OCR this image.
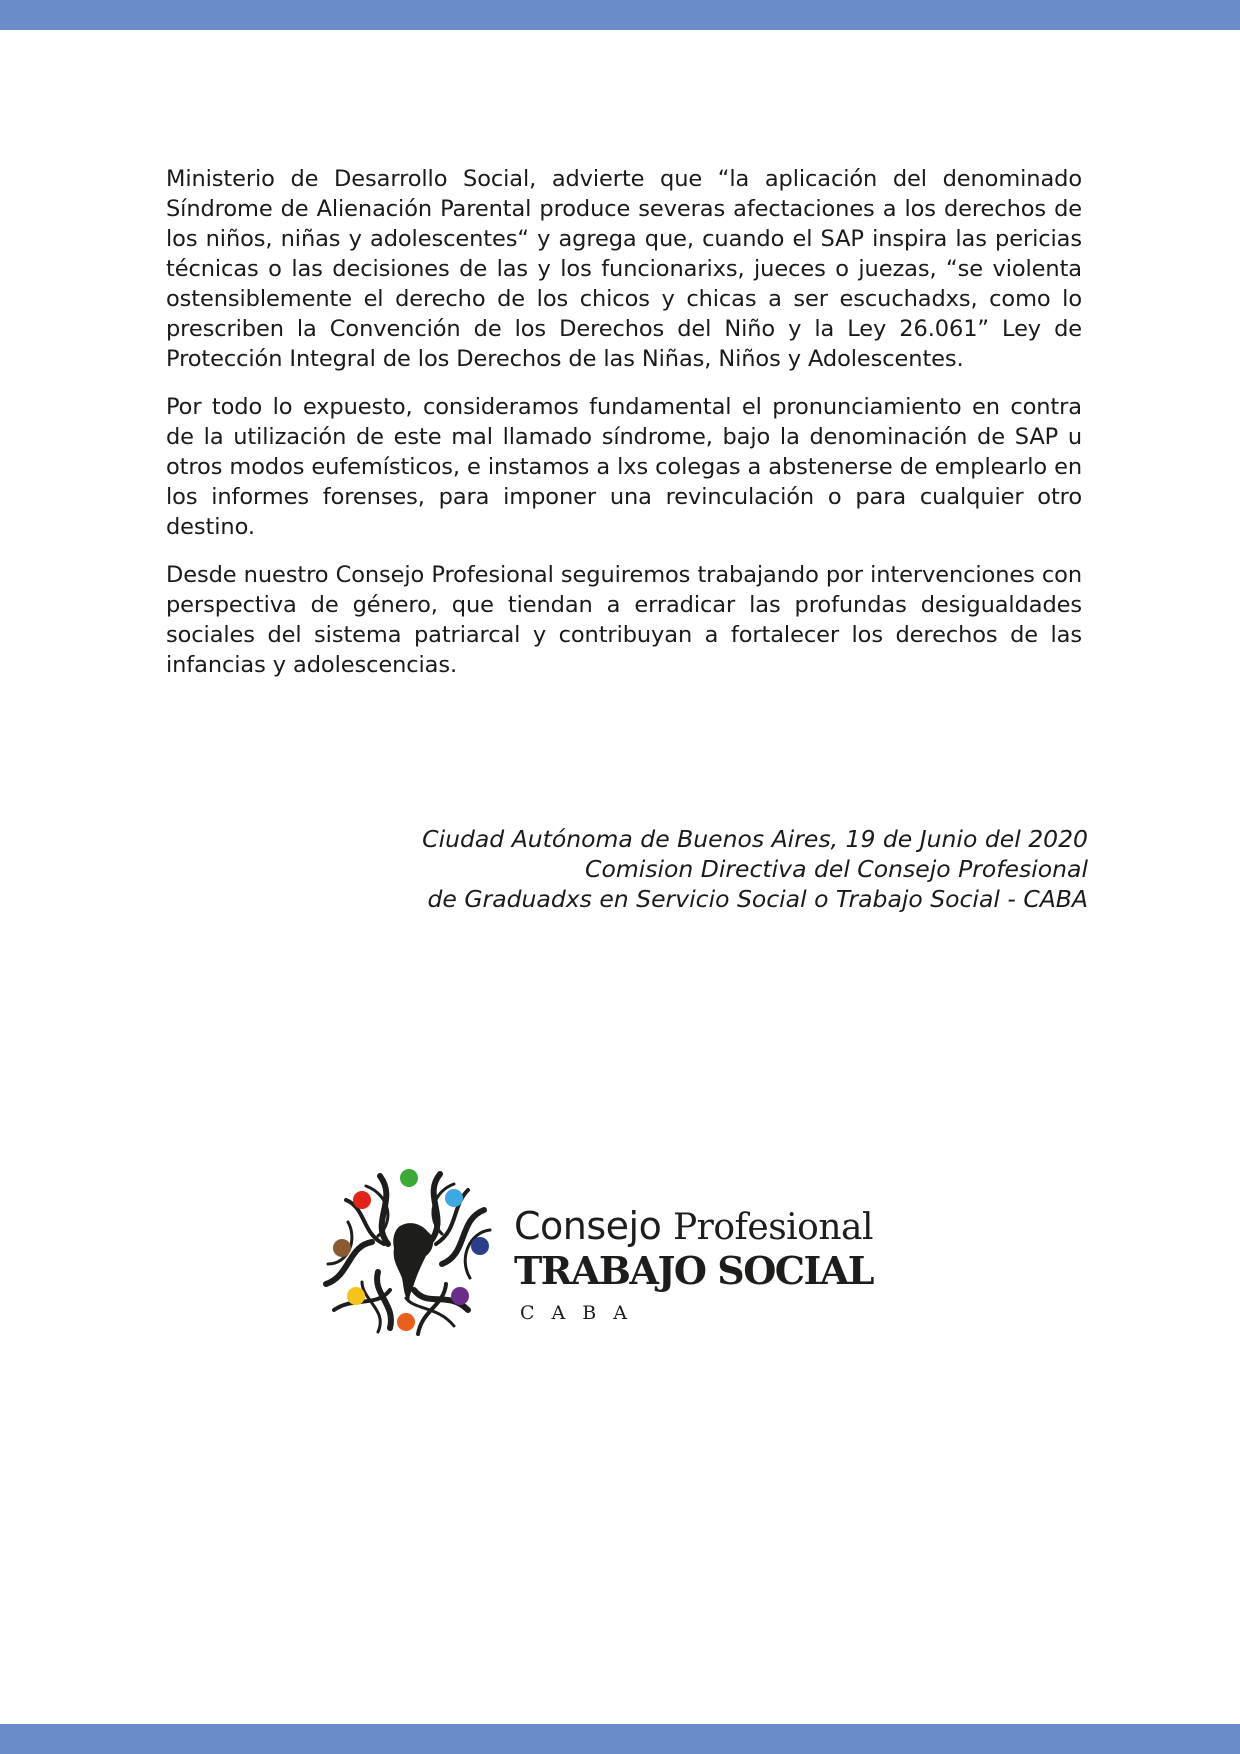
Ministerio de Desarrollo Social, advierte que “la aplicación del denominado Síndrome de Alienación Parental produce severas afectaciones a los derechos de los niños, niñas y adolescentes“ y agrega que, cuando el SAP inspira las pericias técnicas o las decisiones de las y los funcionarixs, jueces o juezas, “se violenta ostensiblemente el derecho de los chicos y chicas a ser escuchadxs, como lo prescriben la Convención de los Derechos del Niño y la Ley 26.061” Ley de Protección Integral de los Derechos de las Niñas, Niños y Adolescentes.

Por todo lo expuesto, consideramos fundamental el pronunciamiento en contra de la utilización de este mal llamado síndrome, bajo la denominación de SAP u otros modos eufemísticos, e instamos a lxs colegas a abstenerse de emplearlo en los informes forenses, para imponer una revinculación o para cualquier otro destino.

Desde nuestro Consejo Profesional seguiremos trabajando por intervenciones con perspectiva de género, que tiendan a erradicar las profundas desigualdades sociales del sistema patriarcal y contribuyan a fortalecer los derechos de las infancias y adolescencias.

Ciudad Autónoma de Buenos Aires, 19 de Junio del 2020
Comision Directiva del Consejo Profesional
de Graduadxs en Servicio Social o Trabajo Social - CABA
Consejo Profesional
TRABAJO SOCIAL
CABA
